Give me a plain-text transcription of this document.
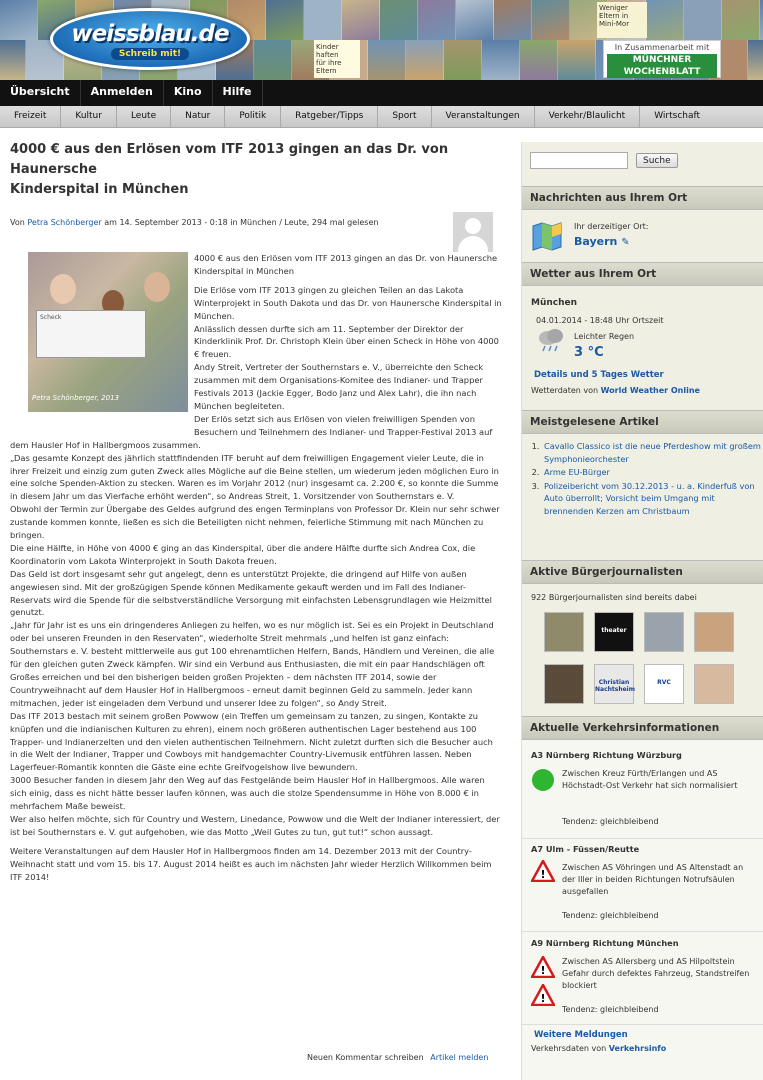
weissblau.de
Schreib mit!
Weniger
Eltern in
Mini-Mor
Kinder haften
für ihre
Eltern
In Zusammenarbeit mit
MÜNCHNER
WOCHENBLATT
Übersicht	Anmelden	Kino	Hilfe
Freizeit	Kultur	Leute	Natur	Politik	Ratgeber/Tipps	Sport	Veranstaltungen	Verkehr/Blaulicht	Wirtschaft
4000 € aus den Erlösen vom ITF 2013 gingen an das Dr. von Haunersche
Kinderspital in München
Von Petra Schönberger am 14. September 2013 - 0:18 in München / Leute, 294 mal gelesen
4000 € aus den Erlösen vom ITF 2013 gingen an das Dr. von Haunersche Kinderspital in München
Die Erlöse vom ITF 2013 gingen zu gleichen Teilen an das Lakota Winterprojekt in South Dakota und das Dr. von Haunersche Kinderspital in München.
Anlässlich dessen durfte sich am 11. September der Direktor der Kinderklinik Prof. Dr. Christoph Klein über einen Scheck in Höhe von 4000 € freuen.
Andy Streit, Vertreter der Southernstars e. V., überreichte den Scheck zusammen mit dem Organisations-Komitee des Indianer- und Trapper Festivals 2013 (Jackie Egger, Bodo Janz und Alex Lahr), die ihn nach München begleiteten.
Der Erlös setzt sich aus Erlösen von vielen freiwilligen Spenden von Besuchern und Teilnehmern des Indianer- und Trapper-Festival 2013 auf dem Hausler Hof in Hallbergmoos zusammen.
„Das gesamte Konzept des jährlich stattfindenden ITF beruht auf dem freiwilligen Engagement vieler Leute, die in ihrer Freizeit und einzig zum guten Zweck alles Mögliche auf die Beine stellen, um wiederum jeden möglichen Euro in eine solche Spenden-Aktion zu stecken. Waren es im Vorjahr 2012 (nur) insgesamt ca. 2.200 €, so konnte die Summe in diesem Jahr um das Vierfache erhöht werden“, so Andreas Streit, 1. Vorsitzender von Southernstars e. V.
Obwohl der Termin zur Übergabe des Geldes aufgrund des engen Terminplans von Professor Dr. Klein nur sehr schwer zustande kommen konnte, ließen es sich die Beteiligten nicht nehmen, feierliche Stimmung mit nach München zu bringen.
Die eine Hälfte, in Höhe von 4000 € ging an das Kinderspital, über die andere Hälfte durfte sich Andrea Cox, die Koordinatorin vom Lakota Winterprojekt in South Dakota freuen.
Das Geld ist dort insgesamt sehr gut angelegt, denn es unterstützt Projekte, die dringend auf Hilfe von außen angewiesen sind. Mit der großzügigen Spende können Medikamente gekauft werden und im Fall des Indianer-Reservats wird die Spende für die selbstverständliche Versorgung mit einfachsten Lebensgrundlagen wie Heizmittel genutzt.
„Jahr für Jahr ist es uns ein dringenderes Anliegen zu helfen, wo es nur möglich ist. Sei es ein Projekt in Deutschland oder bei unseren Freunden in den Reservaten“, wiederholte Streit mehrmals „und helfen ist ganz einfach: Southernstars e. V. besteht mittlerweile aus gut 100 ehrenamtlichen Helfern, Bands, Händlern und Vereinen, die alle für den gleichen guten Zweck kämpfen. Wir sind ein Verbund aus Enthusiasten, die mit ein paar Handschlägen oft Großes erreichen und bei den bisherigen beiden großen Projekten – dem nächsten ITF 2014, sowie der Countryweihnacht auf dem Hausler Hof in Hallbergmoos - erneut damit beginnen Geld zu sammeln. Jeder kann mitmachen, jeder ist eingeladen dem Verbund und unserer Idee zu folgen“, so Andy Streit.
Das ITF 2013 bestach mit seinem großen Powwow (ein Treffen um gemeinsam zu tanzen, zu singen, Kontakte zu knüpfen und die indianischen Kulturen zu ehren), einem noch größeren authentischen Lager bestehend aus 100 Trapper- und Indianerzelten und den vielen authentischen Teilnehmern. Nicht zuletzt durften sich die Besucher auch in die Welt der Indianer, Trapper und Cowboys mit handgemachter Country-Livemusik entführen lassen. Neben Lagerfeuer-Romantik konnten die Gäste eine echte Greifvogelshow live bewundern.
3000 Besucher fanden in diesem Jahr den Weg auf das Festgelände beim Hausler Hof in Hallbergmoos. Alle waren sich einig, dass es nicht hätte besser laufen können, was auch die stolze Spendensumme in Höhe von 8.000 € in mehrfachem Maße beweist.
Wer also helfen möchte, sich für Country und Western, Linedance, Powwow und die Welt der Indianer interessiert, der ist bei Southernstars e. V. gut aufgehoben, wie das Motto „Weil Gutes zu tun, gut tut!“ schon aussagt.
Weitere Veranstaltungen auf dem Hausler Hof in Hallbergmoos finden am 14. Dezember 2013 mit der Country-Weihnacht statt und vom 15. bis 17. August 2014 heißt es auch im nächsten Jahr wieder Herzlich Willkommen beim ITF 2014!
Scheck
Petra Schönberger, 2013
Neuen Kommentar schreiben Artikel melden
Suche
Nachrichten aus Ihrem Ort
Ihr derzeitiger Ort:
Bayern ✎
Wetter aus Ihrem Ort
München
04.01.2014 - 18:48 Uhr Ortszeit
Leichter Regen
3 °C
Details und 5 Tages Wetter
Wetterdaten von World Weather Online
Meistgelesene Artikel
1. Cavallo Classico ist die neue Pferdeshow mit großem Symphonieorchester
2. Arme EU-Bürger
3. Polizeibericht vom 30.12.2013 - u. a. Kinderfuß von Auto überrollt; Vorsicht beim Umgang mit brennenden Kerzen am Christbaum
Aktive Bürgerjournalisten
922 Bürgerjournalisten sind bereits dabei
theater
Christian Nachtsheim
RVC
Aktuelle Verkehrsinformationen
A3 Nürnberg Richtung Würzburg
Zwischen Kreuz Fürth/Erlangen und AS Höchstadt-Ost Verkehr hat sich normalisiert
Tendenz: gleichbleibend
A7 Ulm - Füssen/Reutte
!
Zwischen AS Vöhringen und AS Altenstadt an der Iller in beiden Richtungen Notrufsäulen ausgefallen
Tendenz: gleichbleibend
A9 Nürnberg Richtung München
!
!
Zwischen AS Allersberg und AS Hilpoltstein Gefahr durch defektes Fahrzeug, Standstreifen blockiert
Tendenz: gleichbleibend
Weitere Meldungen
Verkehrsdaten von Verkehrsinfo
